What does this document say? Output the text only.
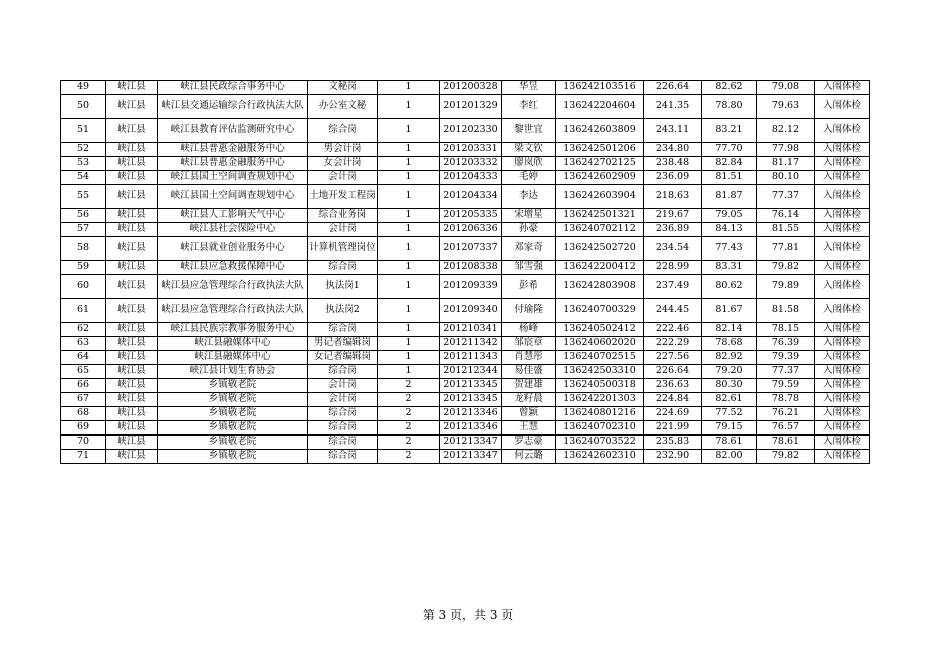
49	峡江县	峡江县民政综合事务中心	文秘岗	1	201200328	华昱	136242103516	226.64	82.62	79.08	入闱体检
50	峡江县	峡江县交通运输综合行政执法大队	办公室文秘	1	201201329	李红	136242204604	241.35	78.80	79.63	入闱体检
51	峡江县	峡江县教育评估监测研究中心	综合岗	1	201202330	黎世宜	136242603809	243.11	83.21	82.12	入闱体检
52	峡江县	峡江县普惠金融服务中心	男会计岗	1	201203331	梁文钦	136242501206	234.80	77.70	77.98	入闱体检
53	峡江县	峡江县普惠金融服务中心	女会计岗	1	201203332	廖岚欣	136242702125	238.48	82.84	81.17	入闱体检
54	峡江县	峡江县国土空间调查规划中心	会计岗	1	201204333	毛婷	136242602909	236.09	81.51	80.10	入闱体检
55	峡江县	峡江县国土空间调查规划中心	土地开发工程岗	1	201204334	李达	136242603904	218.63	81.87	77.37	入闱体检
56	峡江县	峡江县人工影响天气中心	综合业务岗	1	201205335	宋增星	136242501321	219.67	79.05	76.14	入闱体检
57	峡江县	峡江县社会保险中心	会计岗	1	201206336	孙豪	136240702112	236.89	84.13	81.55	入闱体检
58	峡江县	峡江县就业创业服务中心	计算机管理岗位	1	201207337	邓家奇	136242502720	234.54	77.43	77.81	入闱体检
59	峡江县	峡江县应急救援保障中心	综合岗	1	201208338	邹雪强	136242200412	228.99	83.31	79.82	入闱体检
60	峡江县	峡江县应急管理综合行政执法大队	执法岗1	1	201209339	彭希	136242803908	237.49	80.62	79.89	入闱体检
61	峡江县	峡江县应急管理综合行政执法大队	执法岗2	1	201209340	付瑜隆	136240700329	244.45	81.67	81.58	入闱体检
62	峡江县	峡江县民族宗教事务服务中心	综合岗	1	201210341	杨峰	136240502412	222.46	82.14	78.15	入闱体检
63	峡江县	峡江县融媒体中心	男记者编辑岗	1	201211342	邹宸章	136240602020	222.29	78.68	76.39	入闱体检
64	峡江县	峡江县融媒体中心	女记者编辑岗	1	201211343	肖慧彤	136240702515	227.56	82.92	79.39	入闱体检
65	峡江县	峡江县计划生育协会	综合岗	1	201212344	易佳盛	136242503310	226.64	79.20	77.37	入闱体检
66	峡江县	乡镇敬老院	会计岗	2	201213345	贺建雄	136240500318	236.63	80.30	79.59	入闱体检
67	峡江县	乡镇敬老院	会计岗	2	201213345	龙籽晨	136242201303	224.84	82.61	78.78	入闱体检
68	峡江县	乡镇敬老院	综合岗	2	201213346	曾颖	136240801216	224.69	77.52	76.21	入闱体检
69	峡江县	乡镇敬老院	综合岗	2	201213346	王慧	136240702310	221.99	79.15	76.57	入闱体检
70	峡江县	乡镇敬老院	综合岗	2	201213347	罗志豪	136240703522	235.83	78.61	78.61	入闱体检
71	峡江县	乡镇敬老院	综合岗	2	201213347	何云璐	136242602310	232.90	82.00	79.82	入闱体检
第 3 页，共 3 页
